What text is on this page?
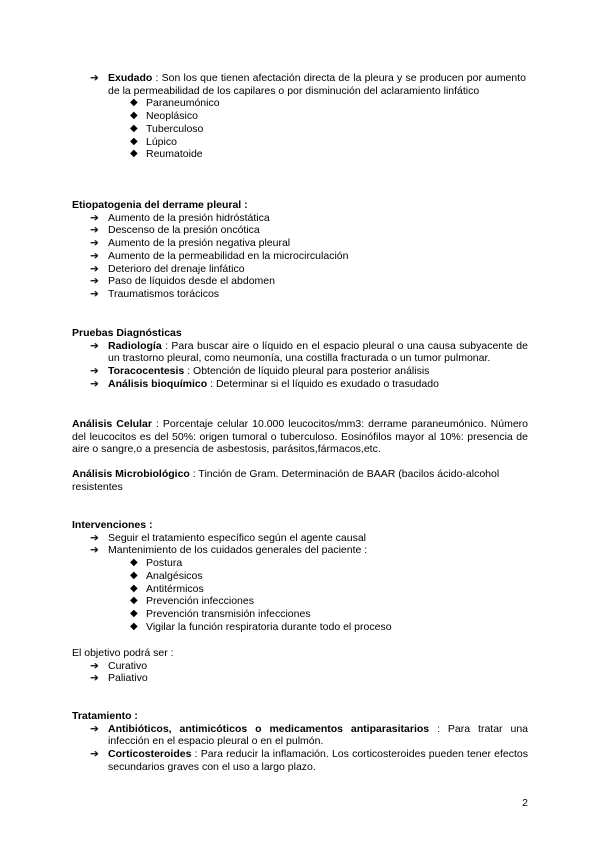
➔ Exudado : Son los que tienen afectación directa de la pleura y se producen por aumento de la permeabilidad de los capilares o por disminución del aclaramiento linfático
◆ Paraneumónico
◆ Neoplásico
◆ Tuberculoso
◆ Lúpico
◆ Reumatoide
Etiopatogenia del derrame pleural :
➔ Aumento de la presión hidróstática
➔ Descenso de la presión oncótica
➔ Aumento de la presión negativa pleural
➔ Aumento de la permeabilidad en la microcirculación
➔ Deterioro del drenaje linfático
➔ Paso de líquidos desde el abdomen
➔ Traumatismos torácicos
Pruebas Diagnósticas
➔ Radiología : Para buscar aire o líquido en el espacio pleural o una causa subyacente de un trastorno pleural, como neumonía, una costilla fracturada o un tumor pulmonar.
➔ Toracocentesis : Obtención de líquido pleural para posterior análisis
➔ Análisis bioquímico : Determinar si el líquido es exudado o trasudado
Análisis Celular : Porcentaje celular 10.000 leucocitos/mm3: derrame paraneumónico. Número del leucocitos es del 50%: origen tumoral o tuberculoso. Eosinófilos mayor al 10%: presencia de aire o sangre,o a presencia de asbestosis, parásitos,fármacos,etc.
Análisis Microbiológico : Tinción de Gram. Determinación de BAAR (bacilos ácido-alcohol resistentes
Intervenciones :
➔ Seguir el tratamiento específico según el agente causal
➔ Mantenimiento de los cuidados generales del paciente :
◆ Postura
◆ Analgésicos
◆ Antitérmicos
◆ Prevención infecciones
◆ Prevención transmisión infecciones
◆ Vigilar la función respiratoria durante todo el proceso
El objetivo podrá ser :
➔ Curativo
➔ Paliativo
Tratamiento :
➔ Antibióticos, antimicóticos o medicamentos antiparasitarios : Para tratar una infección en el espacio pleural o en el pulmón.
➔ Corticosteroides : Para reducir la inflamación. Los corticosteroides pueden tener efectos secundarios graves con el uso a largo plazo.
2
